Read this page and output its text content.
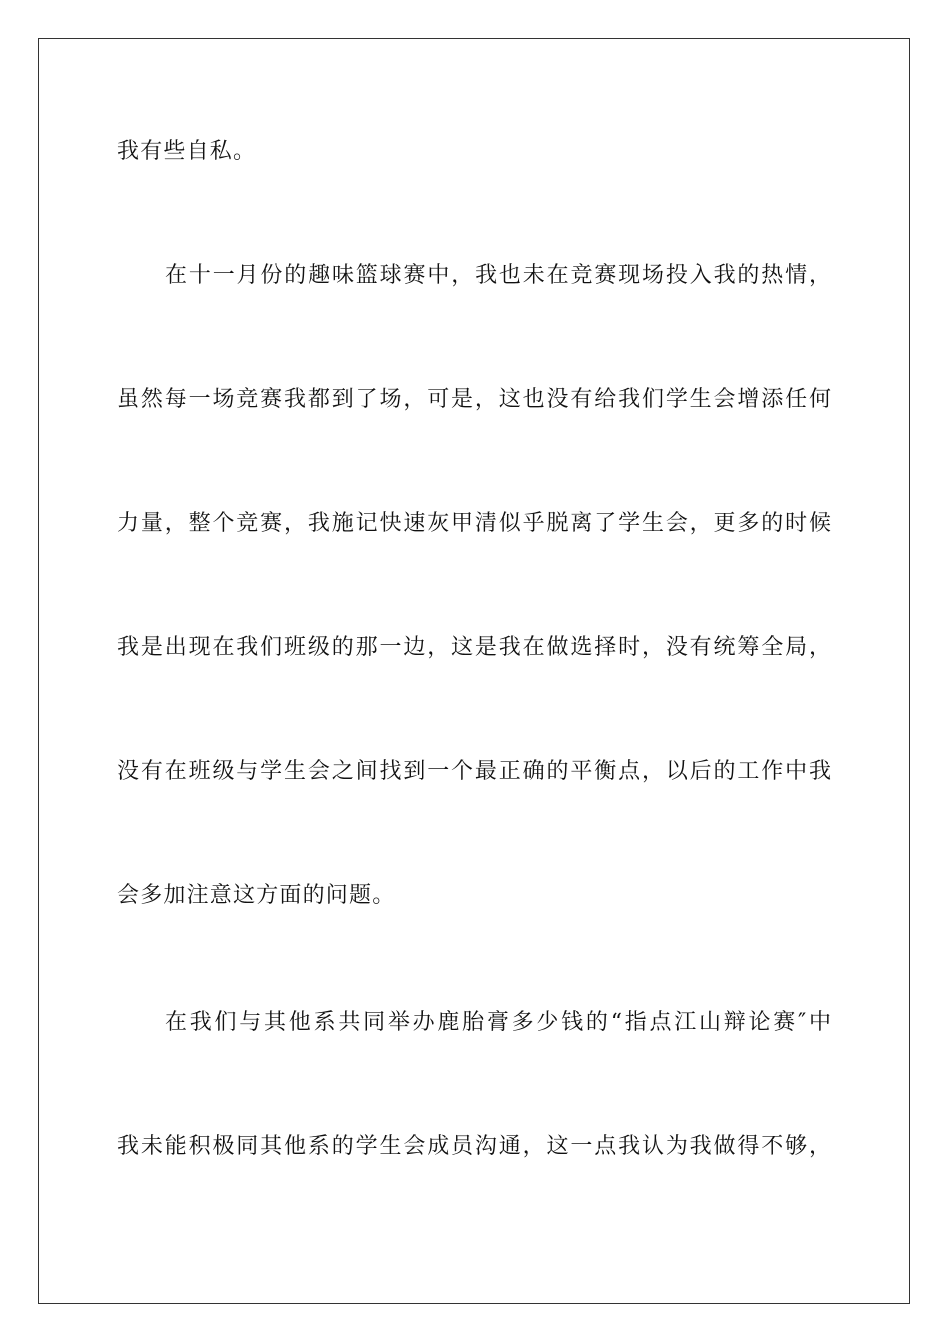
我有些自私。
在十一月份的趣味篮球赛中，我也未在竞赛现场投入我的热情，
虽然每一场竞赛我都到了场，可是，这也没有给我们学生会增添任何
力量，整个竞赛，我施记快速灰甲清似乎脱离了学生会，更多的时候
我是出现在我们班级的那一边，这是我在做选择时，没有统筹全局，
没有在班级与学生会之间找到一个最正确的平衡点，以后的工作中我
会多加注意这方面的问题。
在我们与其他系共同举办鹿胎膏多少钱的“指点江山辩论赛″中
我未能积极同其他系的学生会成员沟通，这一点我认为我做得不够，
